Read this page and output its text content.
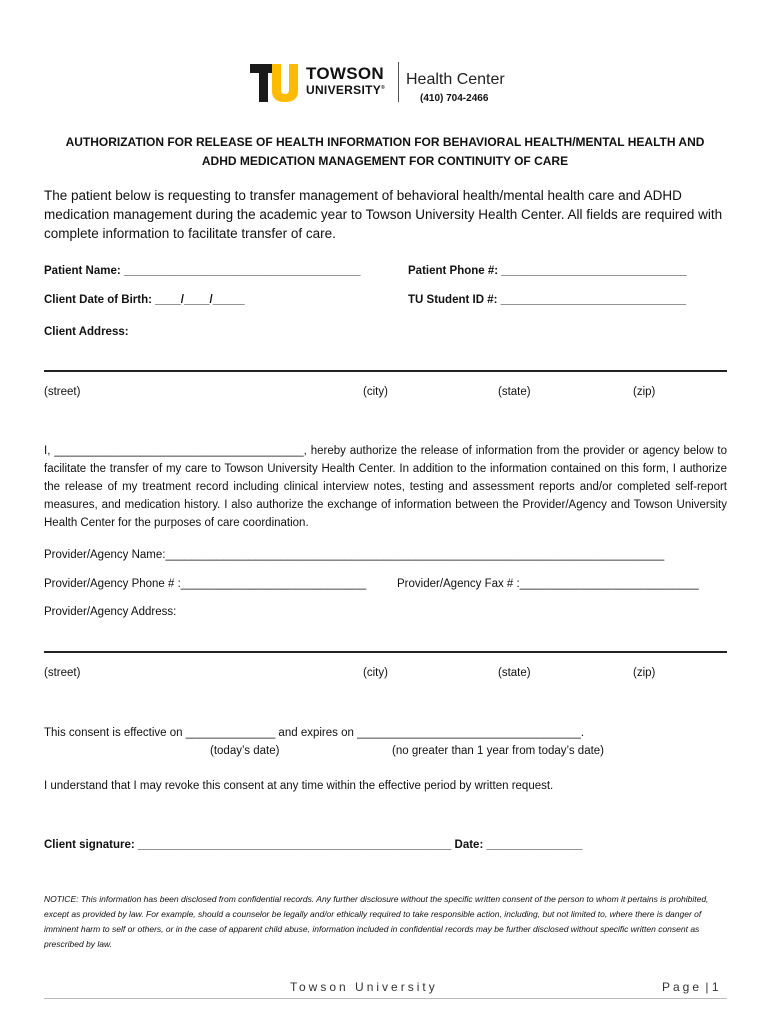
TOWSON
UNIVERSITY® Health Center
(410) 704-2466
AUTHORIZATION FOR RELEASE OF HEALTH INFORMATION FOR BEHAVIORAL HEALTH/MENTAL HEALTH AND
ADHD MEDICATION MANAGEMENT FOR CONTINUITY OF CARE
The patient below is requesting to transfer management of behavioral health/mental health care and ADHD medication management during the academic year to Towson University Health Center. All fields are required with complete information to facilitate transfer of care.
Patient Name: _____________________________________	Patient Phone #: _____________________________
Client Date of Birth: ____/____/_____	TU Student ID #: _____________________________
Client Address:
(street)	(city)	(state)	(zip)
I, _______________________________________, hereby authorize the release of information from the provider or agency below to facilitate the transfer of my care to Towson University Health Center. In addition to the information contained on this form, I authorize the release of my treatment record including clinical interview notes, testing and assessment reports and/or completed self-report measures, and medication history. I also authorize the exchange of information between the Provider/Agency and Towson University Health Center for the purposes of care coordination.
Provider/Agency Name:______________________________________________________________________________
Provider/Agency Phone # :_____________________________	Provider/Agency Fax # :____________________________
Provider/Agency Address:
(street)	(city)	(state)	(zip)
This consent is effective on ______________ and expires on ___________________________________.
(today’s date)	(no greater than 1 year from today’s date)
I understand that I may revoke this consent at any time within the effective period by written request.
Client signature: _________________________________________________ Date: _______________
NOTICE: This information has been disclosed from confidential records. Any further disclosure without the specific written consent of the person to whom it pertains is prohibited, except as provided by law. For example, should a counselor be legally and/or ethically required to take responsible action, including, but not limited to, where there is danger of imminent harm to self or others, or in the case of apparent child abuse, information included in confidential records may be further disclosed without specific written consent as prescribed by law.
Towson University	Page | 1
